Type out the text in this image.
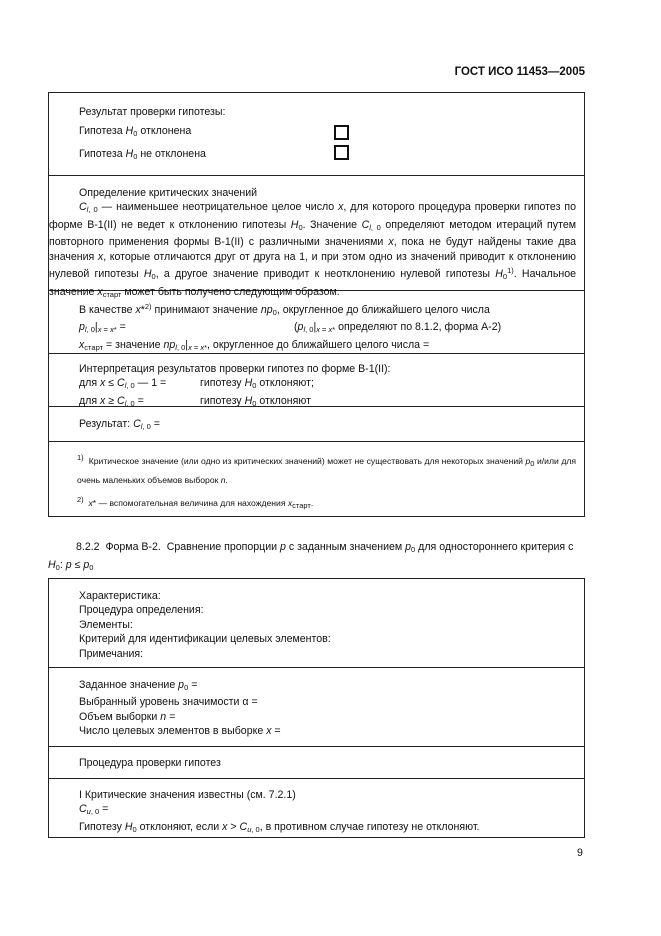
ГОСТ ИСО 11453—2005
Результат проверки гипотезы:
Гипотеза $H_0$ отклонена
Гипотеза $H_0$ не отклонена
Определение критических значений
$C_{l, 0}$ — наименьшее неотрицательное целое число x, для которого процедура проверки гипотез по форме B-1(II) не ведет к отклонению гипотезы $H_0$. Значение $C_{l, 0}$ определяют методом итераций путем повторного применения формы B-1(II) с различными значениями x, пока не будут найдены такие два значения x, которые отличаются друг от друга на 1, и при этом одно из значений приводит к отклонению нулевой гипотезы $H_0$, а другое значение приводит к неотклонению нулевой гипотезы $H_0^{1)}$. Начальное значение $x_{старт}$ может быть получено следующим образом.
В качестве x*$^{2)}$ принимают значение $np_0$, округленное до ближайшего целого числа
$p_{l, 0}|_{x = x*}$ =	($p_{l, 0}|_{x = x*}$ определяют по 8.1.2, форма A-2)
$x_{старт}$ = значение $np_{l, 0}|_{x = x*}$, округленное до ближайшего целого числа =
Интерпретация результатов проверки гипотез по форме B-1(II):
для $x \le C_{l, 0}$ — 1 =	гипотезу $H_0$ отклоняют;
для $x \ge C_{l, 0}$ =	гипотезу $H_0$ отклоняют
Результат: $C_{l, 0}$ =
1)  Критическое значение (или одно из критических значений) может не существовать для некоторых значений p0 и/или для очень маленьких объемов выборок n.
2) x* — вспомогательная величина для нахождения xстарт.
8.2.2  Форма B-2.  Сравнение пропорции p с заданным значением $p_0$ для одностороннего критерия с $H_0$: $p \le p_0$
Характеристика:
Процедура определения:
Элементы:
Критерий для идентификации целевых элементов:
Примечания:
Заданное значение $p_0$ =
Выбранный уровень значимости α =
Объем выборки n =
Число целевых элементов в выборке x =
Процедура проверки гипотез
I Критические значения известны (см. 7.2.1)
$C_{u, 0}$ =
Гипотезу $H_0$ отклоняют, если $x > C_{u, 0}$, в противном случае гипотезу не отклоняют.
9
